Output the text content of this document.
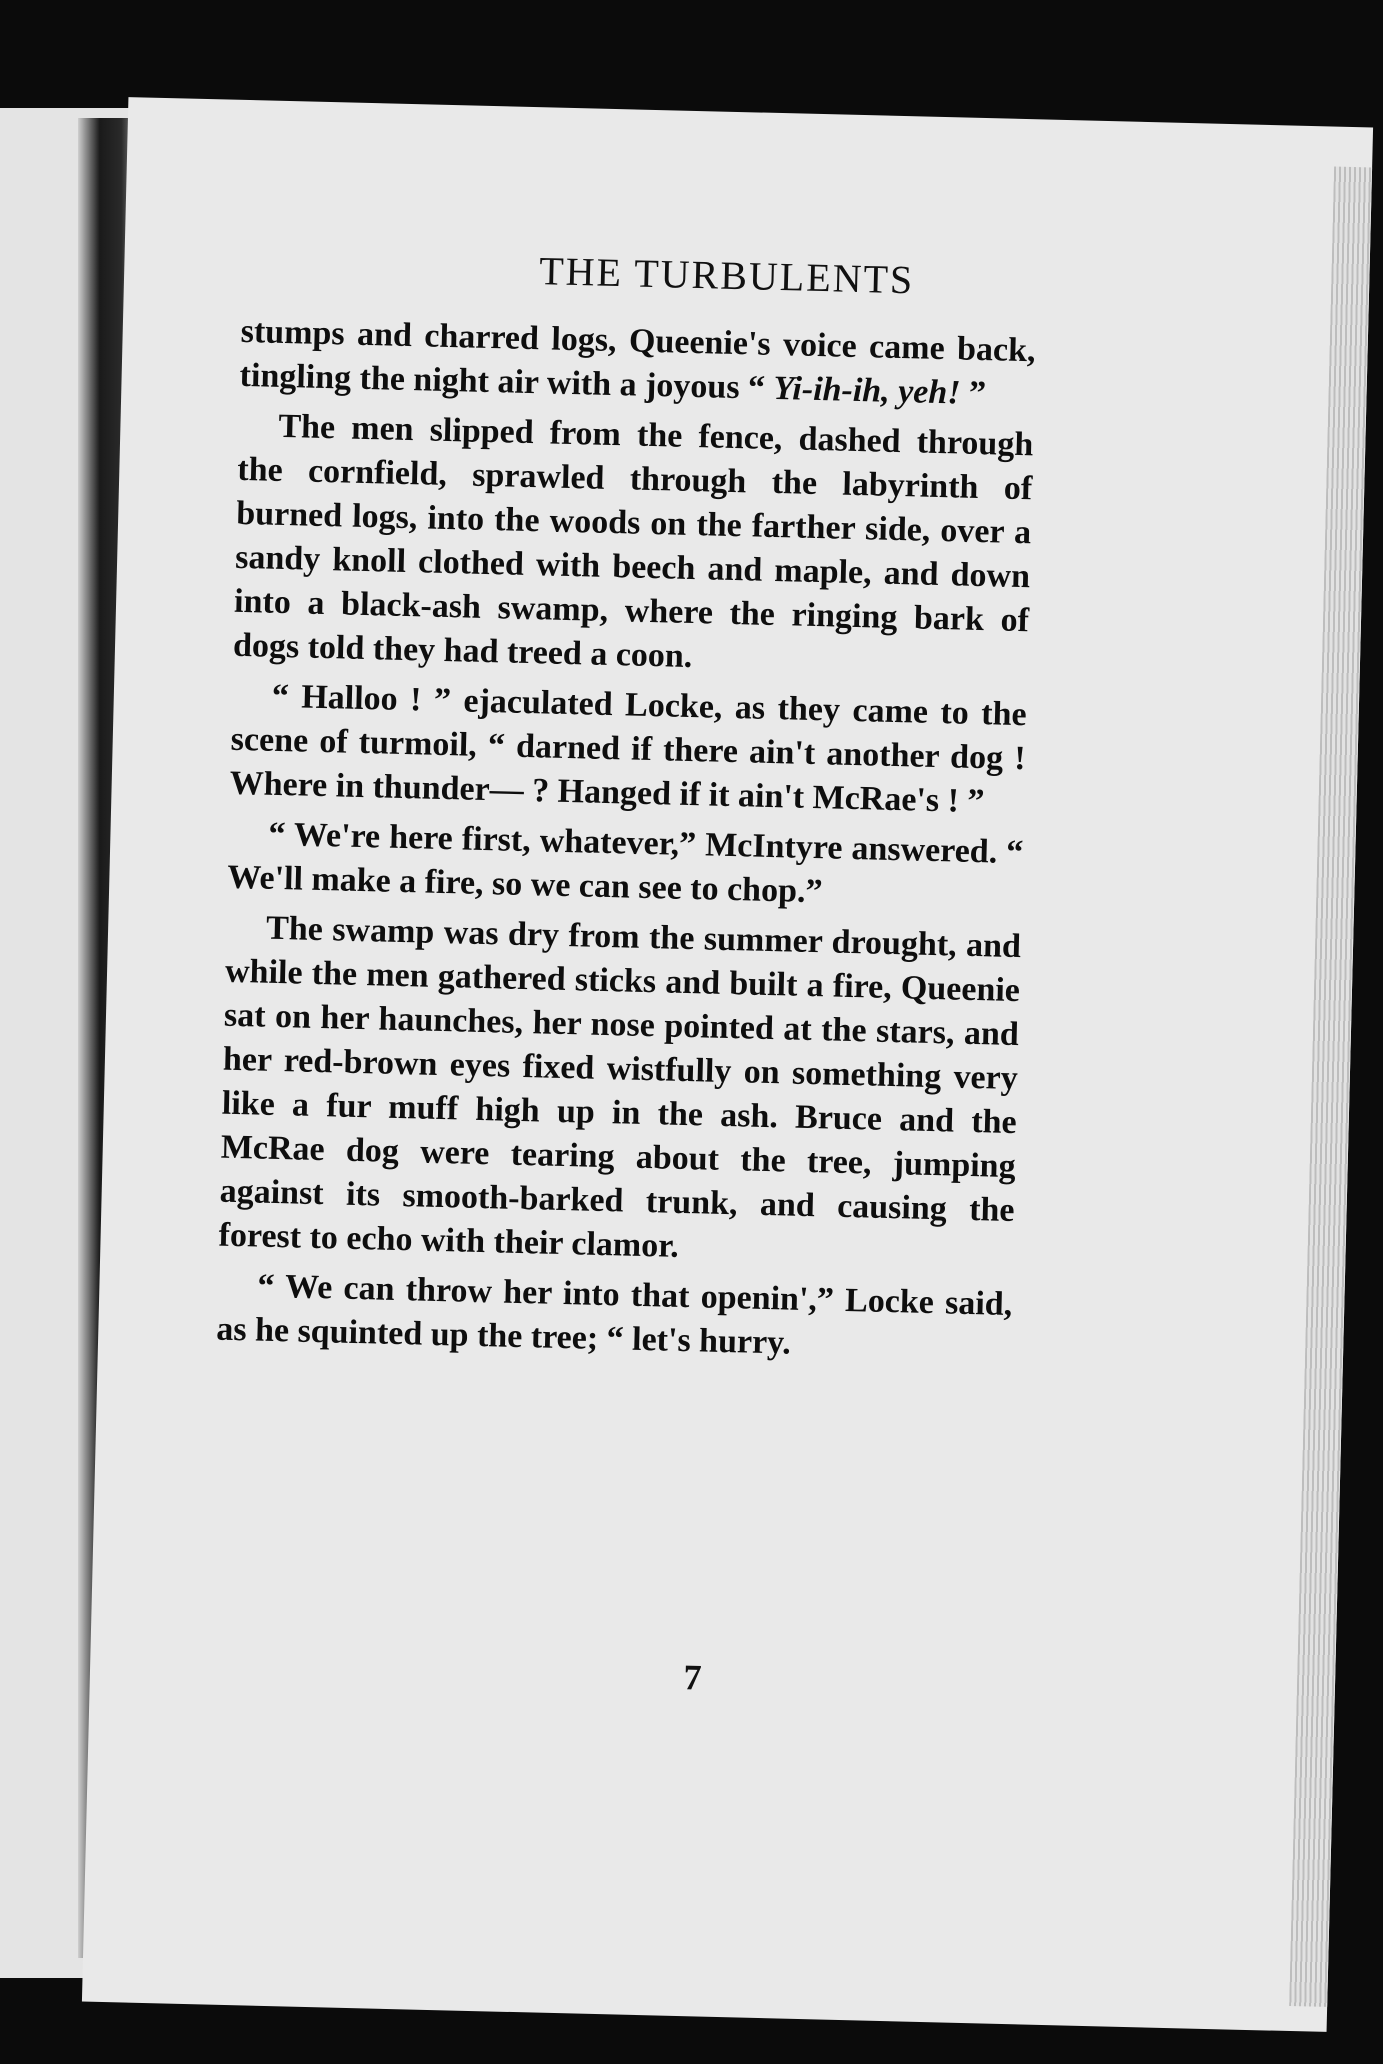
THE TURBULENTS

stumps and charred logs, Queenie's voice came back, tingling the night air with a joyous “ Yi-ih-ih, yeh! ”

The men slipped from the fence, dashed through the cornfield, sprawled through the labyrinth of burned logs, into the woods on the farther side, over a sandy knoll clothed with beech and maple, and down into a black-ash swamp, where the ringing bark of dogs told they had treed a coon.

“ Halloo ! ” ejaculated Locke, as they came to the scene of turmoil, “ darned if there ain't another dog ! Where in thunder— ? Hanged if it ain't McRae's ! ”

“ We're here first, whatever,” McIntyre answered. “ We'll make a fire, so we can see to chop.”

The swamp was dry from the summer drought, and while the men gathered sticks and built a fire, Queenie sat on her haunches, her nose pointed at the stars, and her red-brown eyes fixed wistfully on something very like a fur muff high up in the ash. Bruce and the McRae dog were tearing about the tree, jumping against its smooth-barked trunk, and causing the forest to echo with their clamor.

“ We can throw her into that openin',” Locke said, as he squinted up the tree; “ let's hurry.

7
